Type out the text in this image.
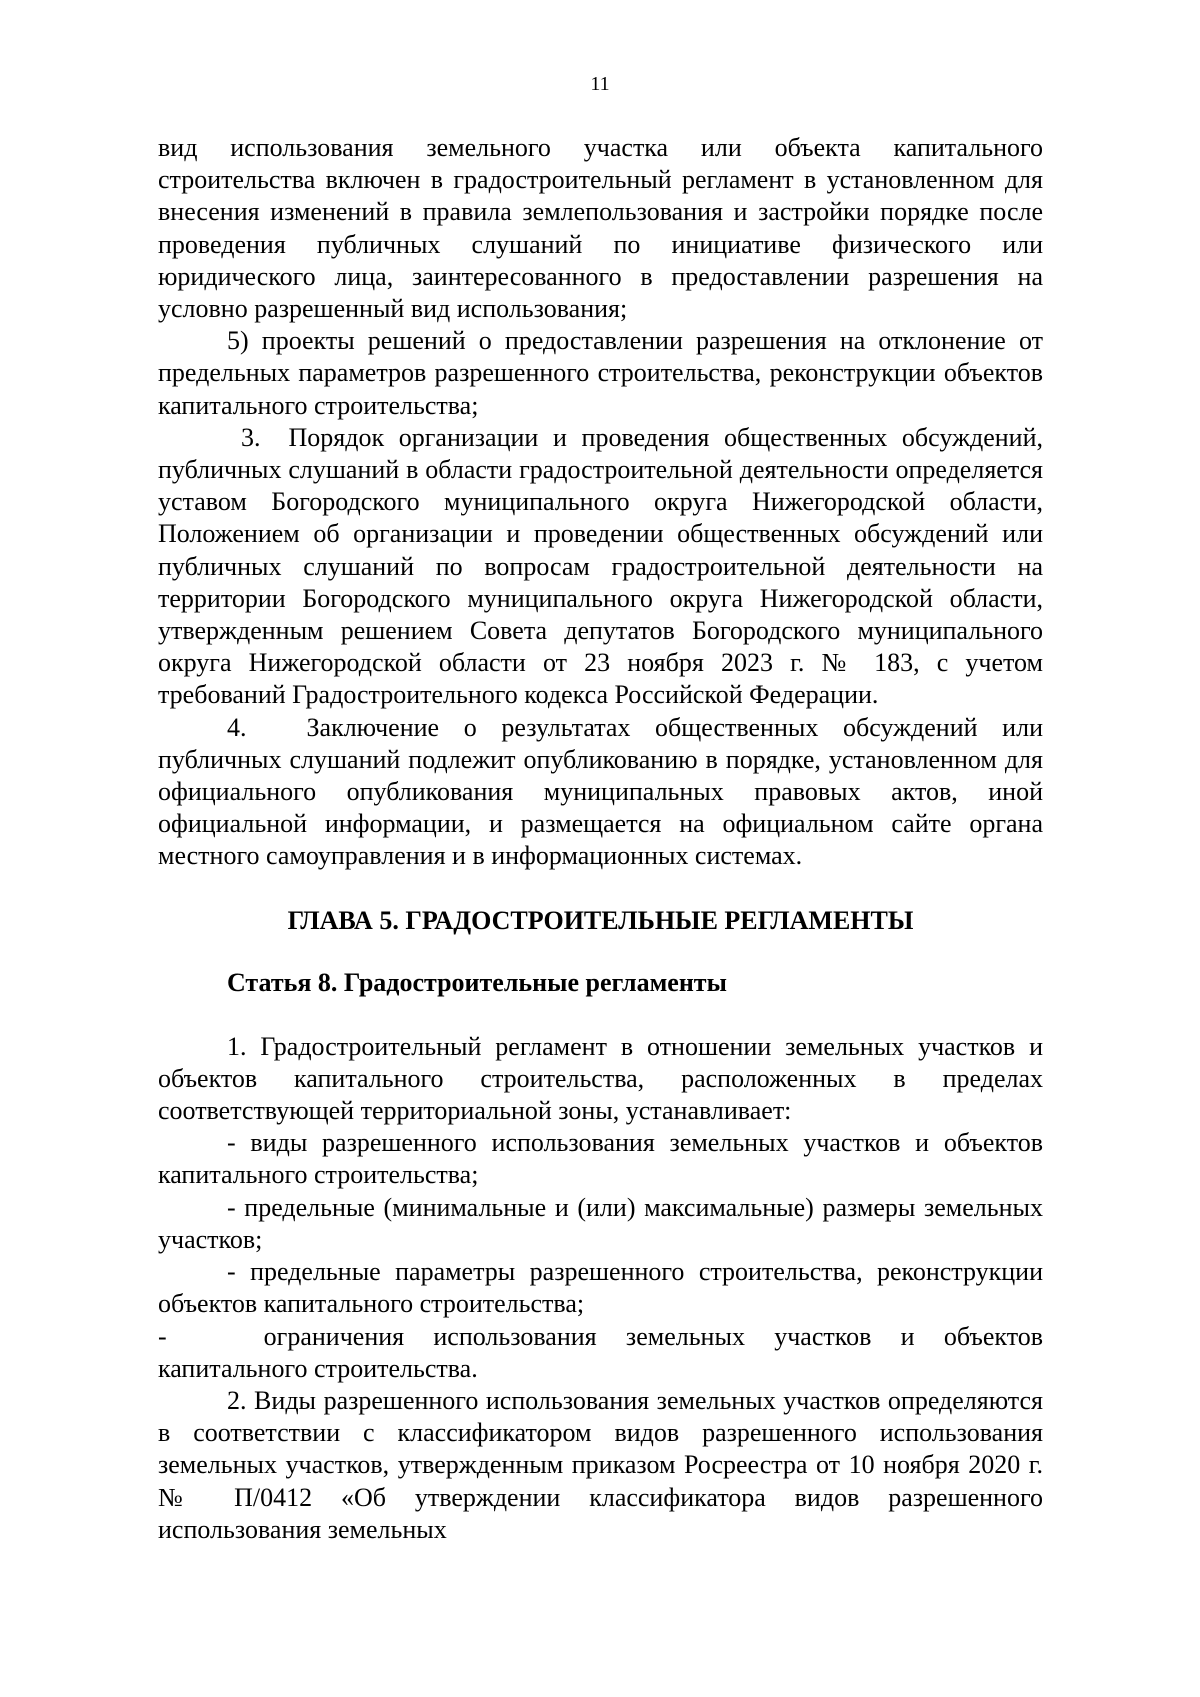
11

вид использования земельного участка или объекта капитального строительства включен в градостроительный регламент в установленном для внесения изменений в правила землепользования и застройки порядке после проведения публичных слушаний по инициативе физического или юридического лица, заинтересованного в предоставлении разрешения на условно разрешенный вид использования;

5) проекты решений о предоставлении разрешения на отклонение от предельных параметров разрешенного строительства, реконструкции объектов капитального строительства;

3. Порядок организации и проведения общественных обсуждений, публичных слушаний в области градостроительной деятельности определяется уставом Богородского муниципального округа Нижегородской области, Положением об организации и проведении общественных обсуждений или публичных слушаний по вопросам градостроительной деятельности на территории Богородского муниципального округа Нижегородской области, утвержденным решением Совета депутатов Богородского муниципального округа Нижегородской области от 23 ноября 2023 г. № 183, с учетом требований Градостроительного кодекса Российской Федерации.

4. Заключение о результатах общественных обсуждений или публичных слушаний подлежит опубликованию в порядке, установленном для официального опубликования муниципальных правовых актов, иной официальной информации, и размещается на официальном сайте органа местного самоуправления и в информационных системах.

ГЛАВА 5. ГРАДОСТРОИТЕЛЬНЫЕ РЕГЛАМЕНТЫ

Статья 8. Градостроительные регламенты

1. Градостроительный регламент в отношении земельных участков и объектов капитального строительства, расположенных в пределах соответствующей территориальной зоны, устанавливает:

- виды разрешенного использования земельных участков и объектов капитального строительства;

- предельные (минимальные и (или) максимальные) размеры земельных участков;

- предельные параметры разрешенного строительства, реконструкции объектов капитального строительства;

-	ограничения использования земельных участков и объектов капитального строительства.

2. Виды разрешенного использования земельных участков определяются в соответствии с классификатором видов разрешенного использования земельных участков, утвержденным приказом Росреестра от 10 ноября 2020 г. № П/0412 «Об утверждении классификатора видов разрешенного использования земельных
